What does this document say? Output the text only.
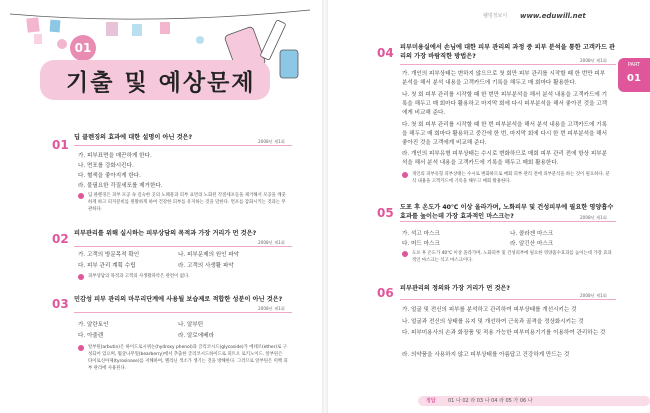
01
기출 및 예상문제
01
딥 클렌징의 효과에 대한 설명이 아닌 것은?
2008년 제1회
가. 피부표면을 매끈하게 한다.
나. 면포를 강화시킨다.
다. 혈색을 좋아지게 한다.
라. 불필요한 각질세포를 제거한다.
딥 클렌징은 피부 모공 속 깊숙한 곳의 노폐물과 피부 표면의 노화된 각질세포들을 제거해서 모공을 깨끗하게 하고 피지분비를 원활하게 하여 건강한 피부를 유지하는 것을 말한다. 면포를 감화시키는 것과는 무관하다.
02 피부관리를 위해 실시하는 피부상담의 목적과 가장 거리가 먼 것은?
2008년 제1회
가. 고객의 방문목적 확인	나. 피부문제의 원인 파악
다. 피부 관리 계획 수립	라. 고객의 사생활 파악
피부상담의 목적과 고객의 사생활파악은 관련이 없다.
03 민감성 피부 관리의 마무리단계에 사용될 보습제로 적합한 성분이 아닌 것은?
2008년 제1회
가. 알란토인	나. 알부틴
다. 아줄렌	라. 알로에베라
알부틴(arbutin)은 하이드로시퀴논(hydroxy phenol)과 글리코시드(glycoside)가 에테르(ether)로 구성되어 있으며, 월귤나무잎(bearberry)에서 추출한 글리코시드하이드로 피트오 로키노이드. 알부틴은 타이로신아제(tyrosinase)를 저해하여, 멜라닌 색소가 생기는 것을 방해한다. 그러므로 알부틴은 미백 피부 관리에 사용된다.
웰빙정보이 www.eduwill.net
PART
01
04 피부미용실에서 손님에 대한 피부 관리의 과정 중 피부 분석을 통한 고객카드 관리의 가장 바람직한 방법은?
2008년 제1회
가. 개인의 피부상태는 변하지 않으므로 첫 회만 피부 관리를 시작할 때 한 번만 피부분석을 해서 분석 내용을 고객카드에 기록을 해두고 매 회마다 활용한다.
나. 첫 회 피부 관리를 시작할 때 한 번만 피부분석을 해서 분석 내용을 고객카드에 기록을 해두고 매 회마다 활용하고 마지막 회에 다시 피부분석을 해서 좋아진 것을 고객에게 비교해 준다.
다. 첫 회 피부 관리를 시작할 때 한 번 피부분석을 해서 분석 내용을 고객카드에 기록을 해두고 매 회마다 활용하고 중간에 한 번, 마지막 회에 다시 한 번 피부분석을 해서 좋아진 것을 고객에게 비교해 준다.
라. 개인의 피부유형 피부상태는 수시로 변화하므로 매회 피부 관리 전에 항상 피부분석을 해서 분석 내용을 고객카드에 기록을 해두고 매회 활용한다.
개인의 피부유형 피부상태는 수시로 변화하므로 매회 피부 관리 전에 피부분석을 하는 것이 필요하다. 분석 내용을 고객카드에 기록을 해두고 매회 활용한다.
05 도포 후 온도가 40℃ 이상 올라가며, 노화피부 및 건성피부에 필요한 영양흡수효과를 높이는데 가장 효과적인 마스크는?	2008년 제1회
가. 석고 마스크	나. 콜라겐 마스크
다. 머드 마스크	라. 알긴산 마스크
도포 후 온도가 40℃ 이상 올라가며, 노화피부 및 건성피부에 필요한 영양흡수효과를 높이는데 가장 효과적인 마스크는 석고 마스크이다.
06 피부관리의 정의와 가장 거리가 먼 것은?
2008년 제1회
가. 얼굴 및 전신의 피부를 분석하고 관리하여 피부상태를 개선시키는 것
나. 얼굴과 전신의 상태를 유지 및 개선하여 근육과 골격을 정상화시키는 것
다. 피부미용사의 손과 화장품 및 적용 가능한 피부미용기기를 이용하여 관리하는 것
라. 의약품을 사용하지 않고 피부상태를 아름답고 건강하게 만드는 것
정답 01 나 02 라 03 나 04 라 05 가 06 나
